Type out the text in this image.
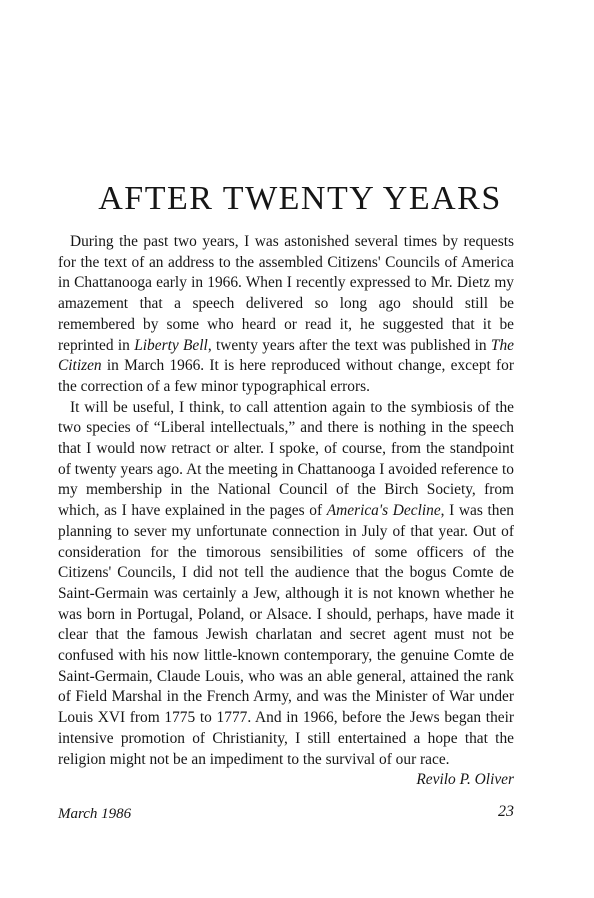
AFTER TWENTY YEARS

During the past two years, I was astonished several times by requests for the text of an address to the assembled Citizens' Councils of America in Chattanooga early in 1966. When I recently expressed to Mr. Dietz my amazement that a speech delivered so long ago should still be remembered by some who heard or read it, he suggested that it be reprinted in Liberty Bell, twenty years after the text was published in The Citizen in March 1966. It is here reproduced without change, except for the correction of a few minor typographical errors.

It will be useful, I think, to call attention again to the symbiosis of the two species of “Liberal intellectuals,” and there is nothing in the speech that I would now retract or alter. I spoke, of course, from the standpoint of twenty years ago. At the meeting in Chattanooga I avoided reference to my membership in the National Council of the Birch Society, from which, as I have explained in the pages of America's Decline, I was then planning to sever my unfortunate connection in July of that year. Out of consideration for the timorous sensibilities of some officers of the Citizens' Councils, I did not tell the audience that the bogus Comte de Saint-Germain was certainly a Jew, although it is not known whether he was born in Portugal, Poland, or Alsace. I should, perhaps, have made it clear that the famous Jewish charlatan and secret agent must not be confused with his now little-known contemporary, the genuine Comte de Saint-Germain, Claude Louis, who was an able general, attained the rank of Field Marshal in the French Army, and was the Minister of War under Louis XVI from 1775 to 1777. And in 1966, before the Jews began their intensive promotion of Christianity, I still entertained a hope that the religion might not be an impediment to the survival of our race.

Revilo P. Oliver

March 1986	23
